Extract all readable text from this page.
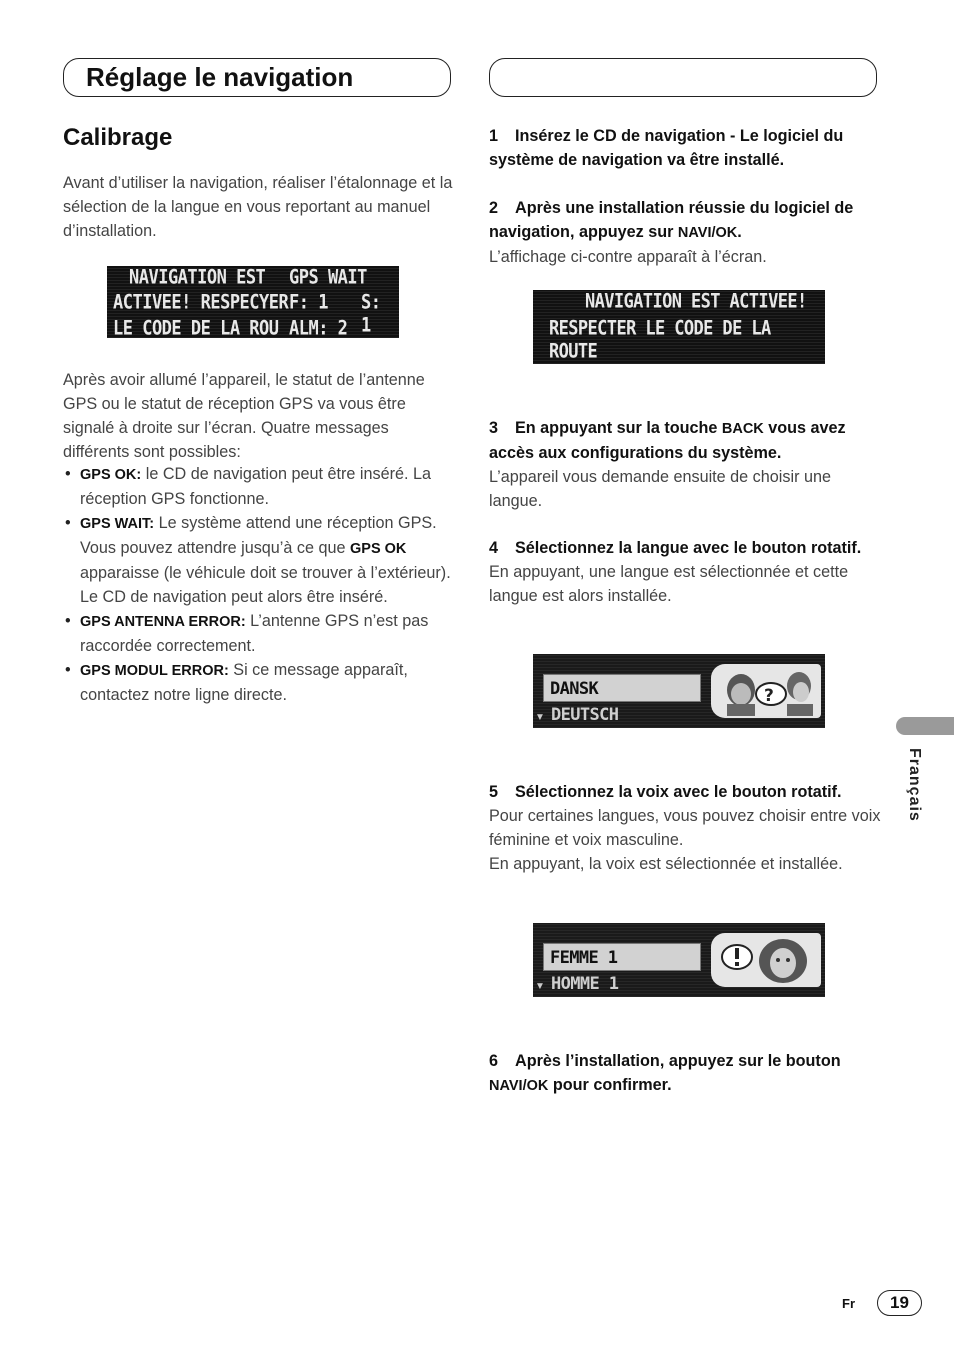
Réglage le navigation
Calibrage

Avant d’utiliser la navigation, réaliser l’étalonnage et la sélection de la langue en vous reportant au manuel d’installation.

NAVIGATION EST GPS WAIT
ACTIVEE! RESPECYER F: 1 S: 1
LE CODE DE LA ROU ALM: 2

Après avoir allumé l’appareil, le statut de l’antenne GPS ou le statut de réception GPS va vous être signalé à droite sur l’écran. Quatre messages différents sont possibles:

• GPS OK: le CD de navigation peut être inséré. La réception GPS fonctionne.
• GPS WAIT: Le système attend une réception GPS. Vous pouvez attendre jusqu’à ce que GPS OK apparaisse (le véhicule doit se trouver à l’extérieur). Le CD de navigation peut alors être inséré.
• GPS ANTENNA ERROR: L’antenne GPS n’est pas raccordée correctement.
• GPS MODUL ERROR: Si ce message apparaît, contactez notre ligne directe.

1 Insérez le CD de navigation - Le logiciel du système de navigation va être installé.

2 Après une installation réussie du logiciel de navigation, appuyez sur NAVI/OK.
L’affichage ci-contre apparaît à l’écran.

NAVIGATION EST ACTIVEE!
RESPECTER LE CODE DE LA ROUTE

3 En appuyant sur la touche BACK vous avez accès aux configurations du système.
L’appareil vous demande ensuite de choisir une langue.

4 Sélectionnez la langue avec le bouton rotatif.
En appuyant, une langue est sélectionnée et cette langue est alors installée.

DANSK
▼ DEUTSCH
?

5 Sélectionnez la voix avec le bouton rotatif.
Pour certaines langues, vous pouvez choisir entre voix féminine et voix masculine.
En appuyant, la voix est sélectionnée et installée.

FEMME 1
▼ HOMME 1

6 Après l’installation, appuyez sur le bouton NAVI/OK pour confirmer.

Français
Fr	19
